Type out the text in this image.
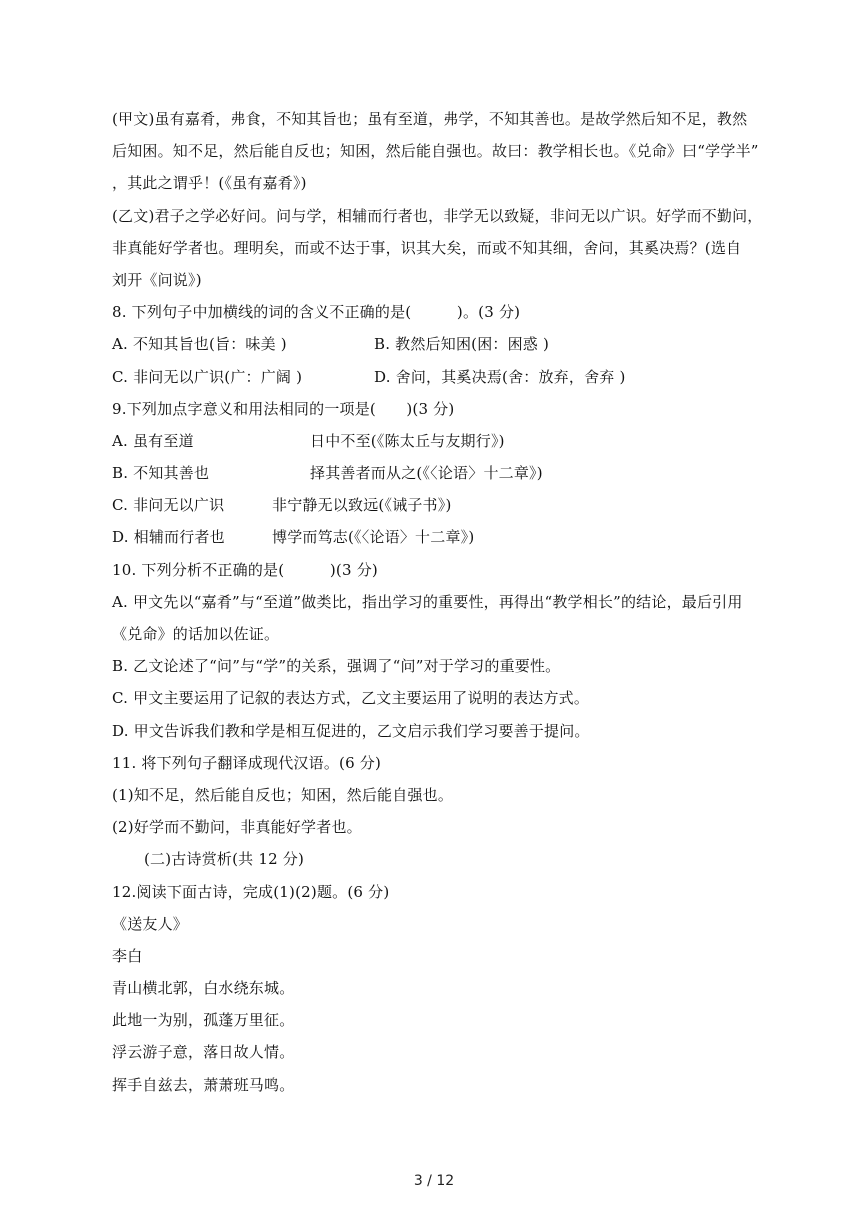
(甲文)虽有嘉肴，弗食，不知其旨也；虽有至道，弗学，不知其善也。是故学然后知不足，教然
后知困。知不足，然后能自反也；知困，然后能自强也。故曰：教学相长也。《兑命》曰“学学半”
，其此之谓乎！(《虽有嘉肴》)
(乙文)君子之学必好问。问与学，相辅而行者也，非学无以致疑，非问无以广识。好学而不勤问，
非真能好学者也。理明矣，而或不达于事，识其大矣，而或不知其细，舍问，其奚决焉？(选自
刘开《问说》)
8. 下列句子中加横线的词的含义不正确的是(　　　)。(3 分)
A. 不知其旨也(旨：味美 )	B. 教然后知困(困：困惑 )
C. 非问无以广识(广：广阔 )	D. 舍问，其奚决焉(舍：放弃，舍弃 )
9.下列加点字意义和用法相同的一项是(　　)(3 分)
A. 虽有至道	日中不至(《陈太丘与友期行》)
B. 不知其善也	择其善者而从之(《〈论语〉十二章》)
C. 非问无以广识	非宁静无以致远(《诫子书》)
D. 相辅而行者也	博学而笃志(《〈论语〉十二章》)
10. 下列分析不正确的是(　　　)(3 分)
A. 甲文先以“嘉肴”与“至道”做类比，指出学习的重要性，再得出“教学相长”的结论，最后引用
《兑命》的话加以佐证。
B. 乙文论述了“问”与“学”的关系，强调了“问”对于学习的重要性。
C. 甲文主要运用了记叙的表达方式，乙文主要运用了说明的表达方式。
D. 甲文告诉我们教和学是相互促进的，乙文启示我们学习要善于提问。
11. 将下列句子翻译成现代汉语。(6 分)
(1)知不足，然后能自反也；知困，然后能自强也。
(2)好学而不勤问，非真能好学者也。
(二)古诗赏析(共 12 分)
12.阅读下面古诗，完成(1)(2)题。(6 分)
《送友人》
李白
青山横北郭，白水绕东城。
此地一为别，孤蓬万里征。
浮云游子意，落日故人情。
挥手自兹去，萧萧班马鸣。
3 / 12
